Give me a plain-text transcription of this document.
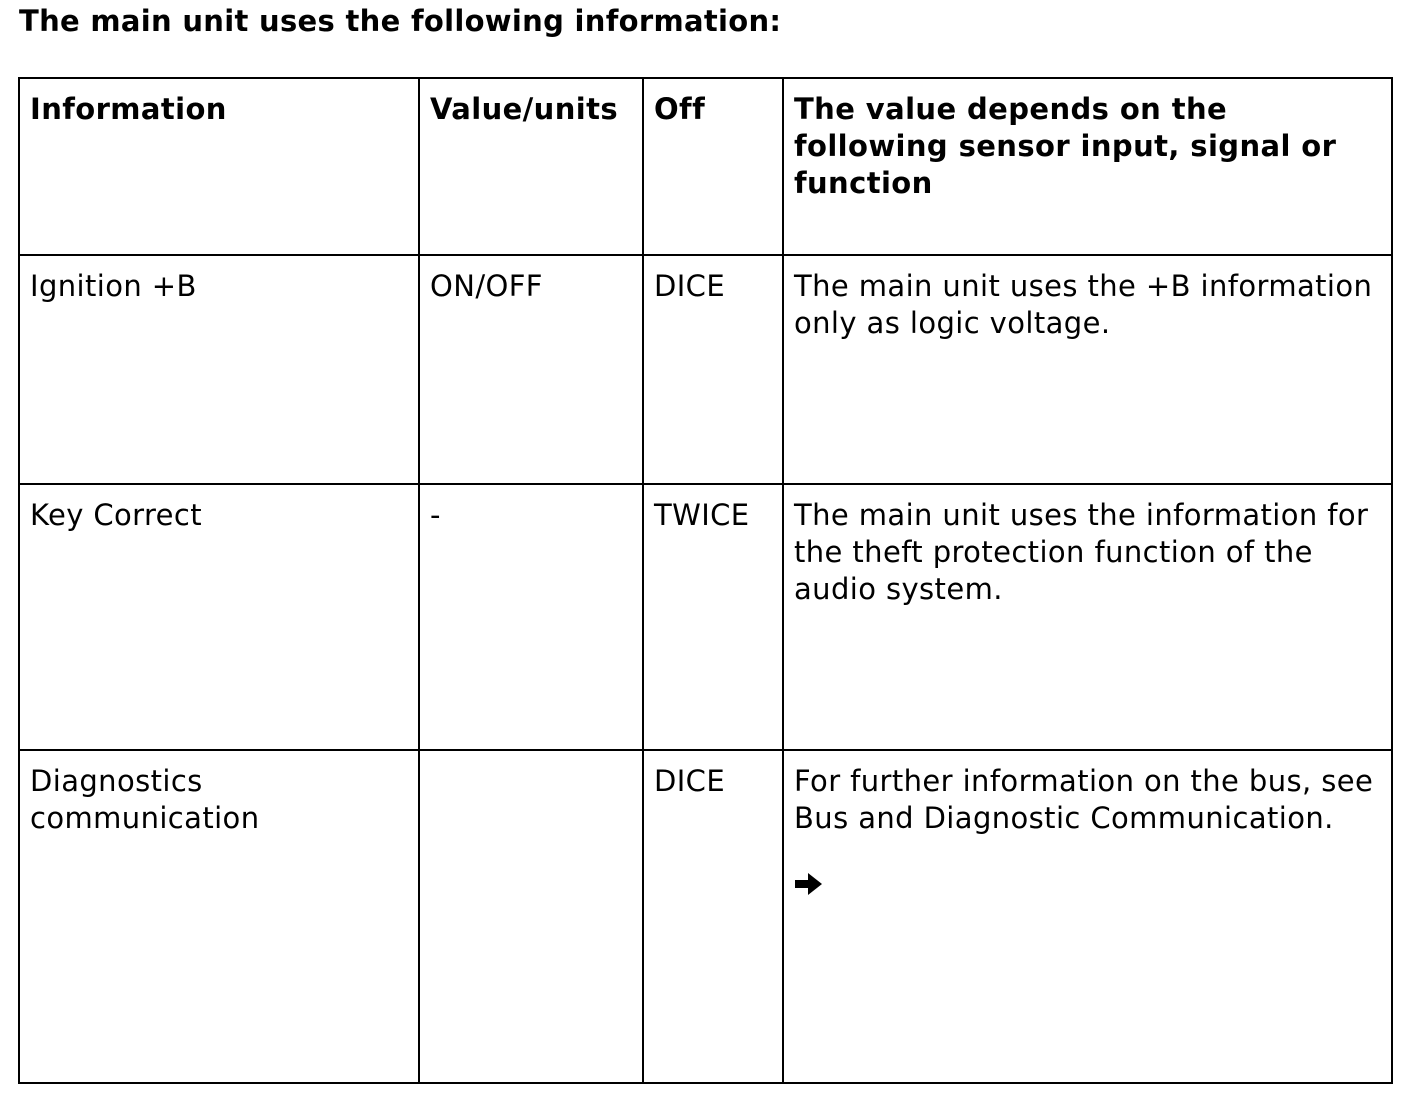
The main unit uses the following information:
Information	Value/units	Off	The value depends on the following sensor input, signal or function
Ignition +B	ON/OFF	DICE	The main unit uses the +B information only as logic voltage.
Key Correct	-	TWICE	The main unit uses the information for the theft protection function of the audio system.
Diagnostics communication		DICE	For further information on the bus, see Bus and Diagnostic Communication.
